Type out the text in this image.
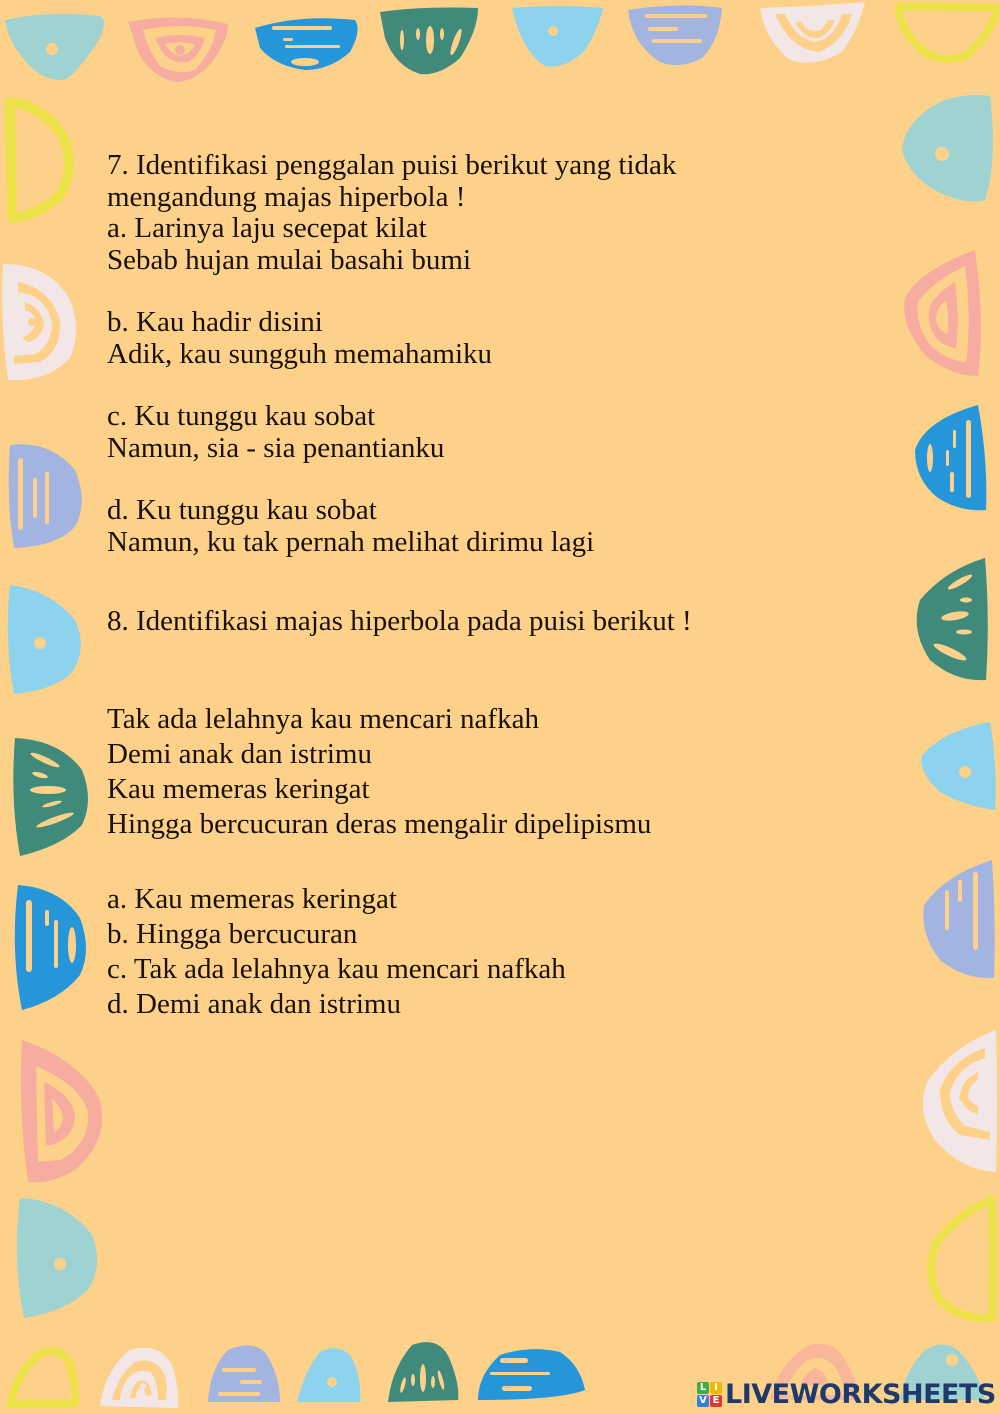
7. Identifikasi penggalan puisi berikut yang tidak
mengandung majas hiperbola !
a. Larinya laju secepat kilat
Sebab hujan mulai basahi bumi
b. Kau hadir disini
Adik, kau sungguh memahamiku
c. Ku tunggu kau sobat
Namun, sia - sia penantianku
d. Ku tunggu kau sobat
Namun, ku tak pernah melihat dirimu lagi
8. Identifikasi majas hiperbola pada puisi berikut !
Tak ada lelahnya kau mencari nafkah
Demi anak dan istrimu
Kau memeras keringat
Hingga bercucuran deras mengalir dipelipismu
a. Kau memeras keringat
b. Hingga bercucuran
c. Tak ada lelahnya kau mencari nafkah
d. Demi anak dan istrimu
L I
V E LIVEWORKSHEETS
